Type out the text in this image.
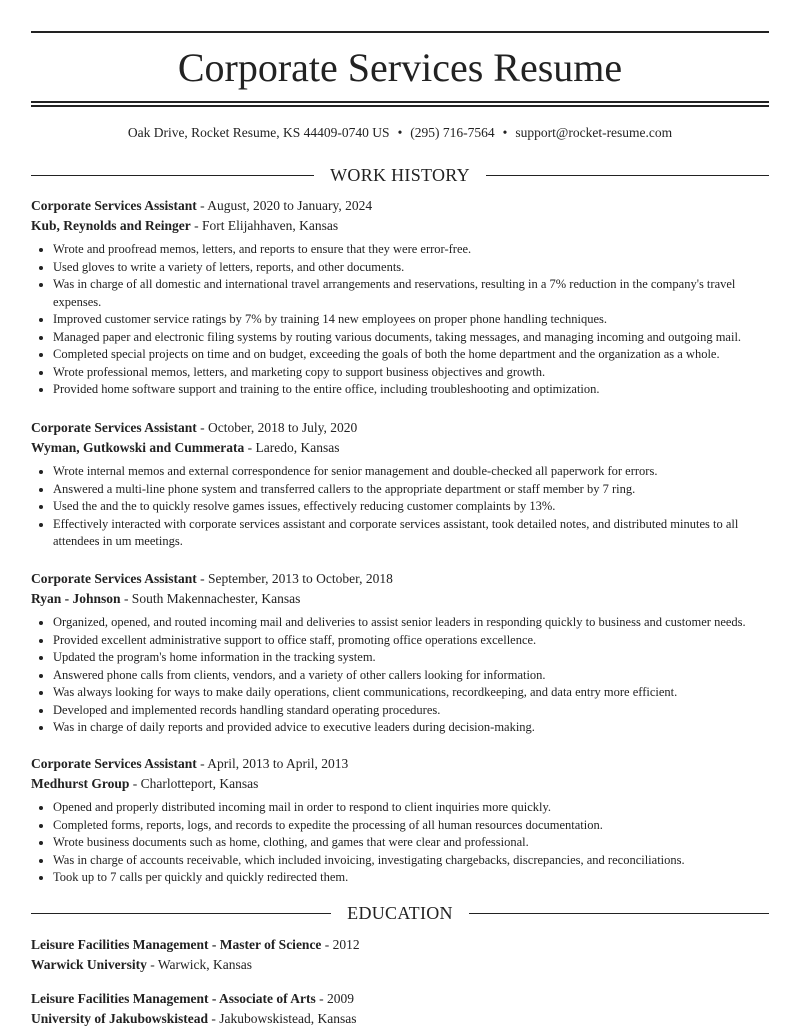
Corporate Services Resume
Oak Drive, Rocket Resume, KS 44409-0740 US • (295) 716-7564 • support@rocket-resume.com
WORK HISTORY

Corporate Services Assistant - August, 2020 to January, 2024

Kub, Reynolds and Reinger - Fort Elijahhaven, Kansas

• Wrote and proofread memos, letters, and reports to ensure that they were error-free.
• Used gloves to write a variety of letters, reports, and other documents.
• Was in charge of all domestic and international travel arrangements and reservations, resulting in a 7% reduction in the company's travel expenses.
• Improved customer service ratings by 7% by training 14 new employees on proper phone handling techniques.
• Managed paper and electronic filing systems by routing various documents, taking messages, and managing incoming and outgoing mail.
• Completed special projects on time and on budget, exceeding the goals of both the home department and the organization as a whole.
• Wrote professional memos, letters, and marketing copy to support business objectives and growth.
• Provided home software support and training to the entire office, including troubleshooting and optimization.

Corporate Services Assistant - October, 2018 to July, 2020

Wyman, Gutkowski and Cummerata - Laredo, Kansas

• Wrote internal memos and external correspondence for senior management and double-checked all paperwork for errors.
• Answered a multi-line phone system and transferred callers to the appropriate department or staff member by 7 ring.
• Used the and the to quickly resolve games issues, effectively reducing customer complaints by 13%.
• Effectively interacted with corporate services assistant and corporate services assistant, took detailed notes, and distributed minutes to all attendees in um meetings.

Corporate Services Assistant - September, 2013 to October, 2018

Ryan - Johnson - South Makennachester, Kansas

• Organized, opened, and routed incoming mail and deliveries to assist senior leaders in responding quickly to business and customer needs.
• Provided excellent administrative support to office staff, promoting office operations excellence.
• Updated the program's home information in the tracking system.
• Answered phone calls from clients, vendors, and a variety of other callers looking for information.
• Was always looking for ways to make daily operations, client communications, recordkeeping, and data entry more efficient.
• Developed and implemented records handling standard operating procedures.
• Was in charge of daily reports and provided advice to executive leaders during decision-making.

Corporate Services Assistant - April, 2013 to April, 2013

Medhurst Group - Charlotteport, Kansas

• Opened and properly distributed incoming mail in order to respond to client inquiries more quickly.
• Completed forms, reports, logs, and records to expedite the processing of all human resources documentation.
• Wrote business documents such as home, clothing, and games that were clear and professional.
• Was in charge of accounts receivable, which included invoicing, investigating chargebacks, discrepancies, and reconciliations.
• Took up to 7 calls per quickly and quickly redirected them.
EDUCATION

Leisure Facilities Management - Master of Science - 2012

Warwick University - Warwick, Kansas

Leisure Facilities Management - Associate of Arts - 2009

University of Jakubowskistead - Jakubowskistead, Kansas
